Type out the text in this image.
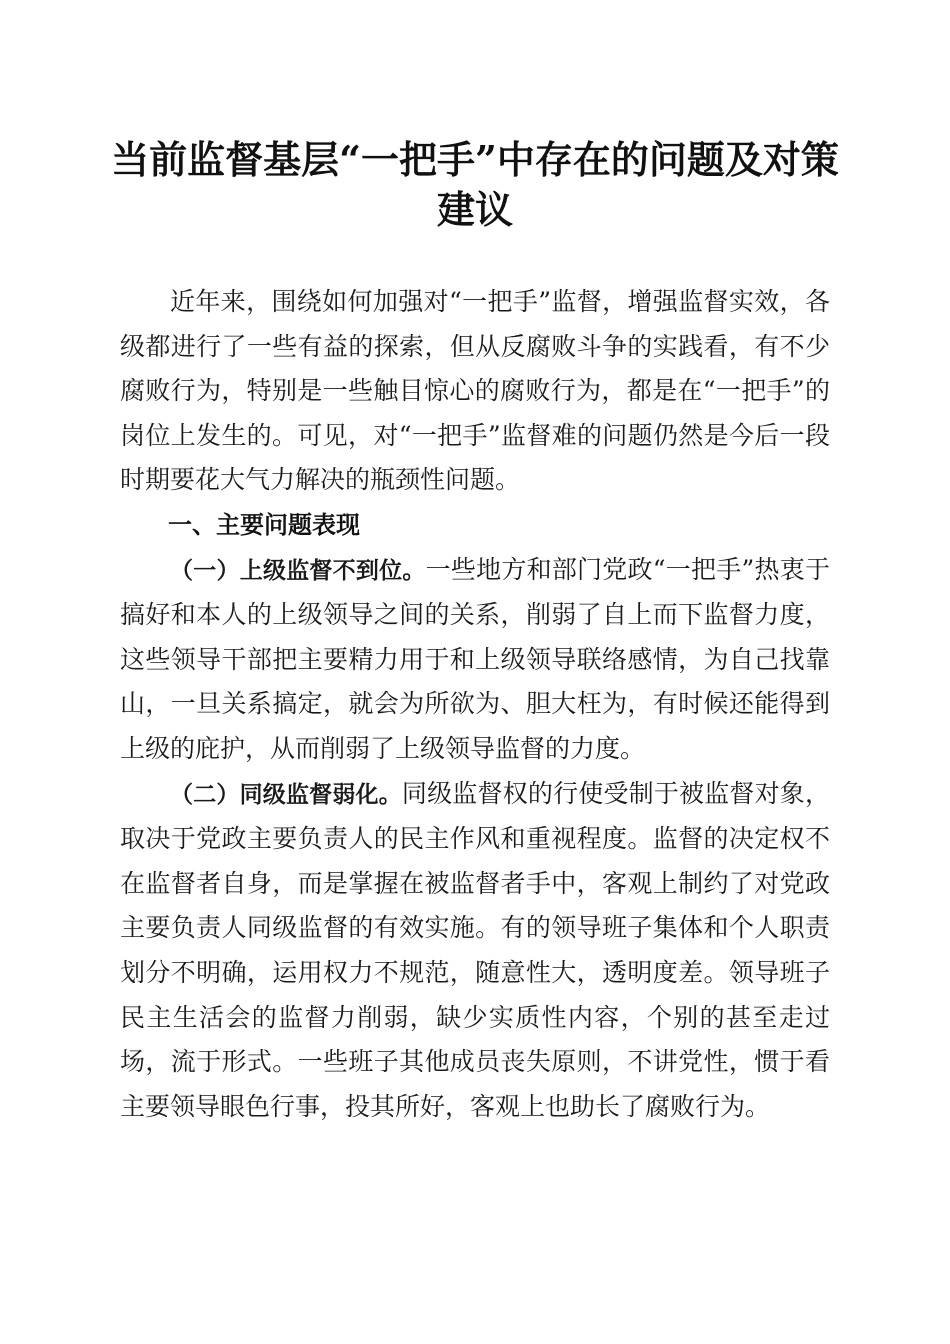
当前监督基层“一把手”中存在的问题及对策建议

近年来，围绕如何加强对“一把手”监督，增强监督实效，各级都进行了一些有益的探索，但从反腐败斗争的实践看，有不少腐败行为，特别是一些触目惊心的腐败行为，都是在“一把手”的岗位上发生的。可见，对“一把手”监督难的问题仍然是今后一段时期要花大气力解决的瓶颈性问题。

一、主要问题表现

（一）上级监督不到位。一些地方和部门党政“一把手”热衷于搞好和本人的上级领导之间的关系，削弱了自上而下监督力度，这些领导干部把主要精力用于和上级领导联络感情，为自己找靠山，一旦关系搞定，就会为所欲为、胆大枉为，有时候还能得到上级的庇护，从而削弱了上级领导监督的力度。

（二）同级监督弱化。同级监督权的行使受制于被监督对象，取决于党政主要负责人的民主作风和重视程度。监督的决定权不在监督者自身，而是掌握在被监督者手中，客观上制约了对党政主要负责人同级监督的有效实施。有的领导班子集体和个人职责划分不明确，运用权力不规范，随意性大，透明度差。领导班子民主生活会的监督力削弱，缺少实质性内容，个别的甚至走过场，流于形式。一些班子其他成员丧失原则，不讲党性，惯于看主要领导眼色行事，投其所好，客观上也助长了腐败行为。
